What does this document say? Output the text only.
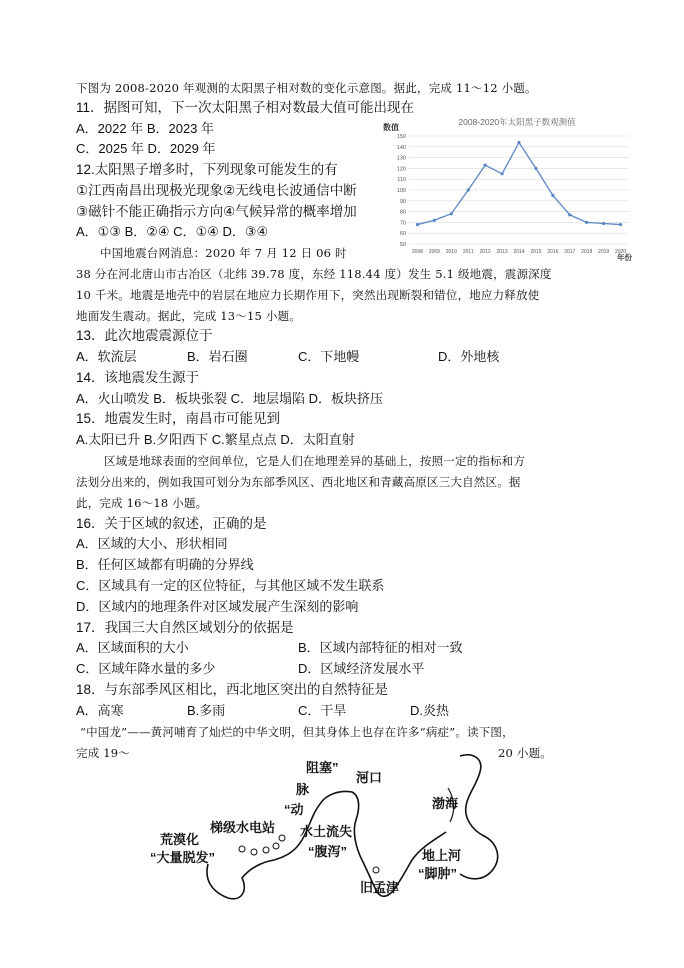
下图为 2008-2020 年观测的太阳黑子相对数的变化示意图。据此，完成 11～12 小题。
11．据图可知，下一次太阳黑子相对数最大值可能出现在
A．2022 年 B．2023 年
C．2025 年 D．2029 年
12.太阳黑子增多时，下列现象可能发生的有
①江西南昌出现极光现象②无线电长波通信中断
③磁针不能正确指示方向④气候异常的概率增加
A．①③ B．②④ C．①④ D．③④
中国地震台网消息：2020 年 7 月 12 日 06 时
38 分在河北唐山市古冶区（北纬 39.78 度，东经 118.44 度）发生 5.1 级地震，震源深度
10 千米。地震是地壳中的岩层在地应力长期作用下，突然出现断裂和错位，地应力释放使
地面发生震动。据此，完成 13～15 小题。
13．此次地震震源位于
A．软流层	B．岩石圈	C．下地幔	D．外地核
14．该地震发生源于
A．火山喷发 B．板块张裂 C．地层塌陷 D．板块挤压
15．地震发生时，南昌市可能见到
A.太阳已升 B.夕阳西下 C.繁星点点 D．太阳直射
区域是地球表面的空间单位，它是人们在地理差异的基础上，按照一定的指标和方
法划分出来的，例如我国可划分为东部季风区、西北地区和青藏高原区三大自然区。据
此，完成 16～18 小题。
16．关于区域的叙述，正确的是
A．区域的大小、形状相同
B．任何区域都有明确的分界线
C．区域具有一定的区位特征，与其他区域不发生联系
D．区域内的地理条件对区域发展产生深刻的影响
17．我国三大自然区域划分的依据是
A．区域面积的大小	B．区域内部特征的相对一致
C．区域年降水量的多少	D．区域经济发展水平
18．与东部季风区相比，西北地区突出的自然特征是
A．高寒	B.多雨	C．干旱	D.炎热
“中国龙”——黄河哺育了灿烂的中华文明，但其身体上也存在许多“病症”。读下图，
完成 19～	20 小题。
2008-2020年太阳黑子数观测值
数值
年份
50
60
70
80
90
100
110
120
130
140
150
2008 2009 2010 2011 2012 2013 2014 2015 2016 2017 2018 2019 2020
阻塞”
河口
脉
“动	渤海
梯级水电站 水土流失
“腹泻”
荒漠化
“大量脱发”	地上河
“脚肿”
旧孟津
